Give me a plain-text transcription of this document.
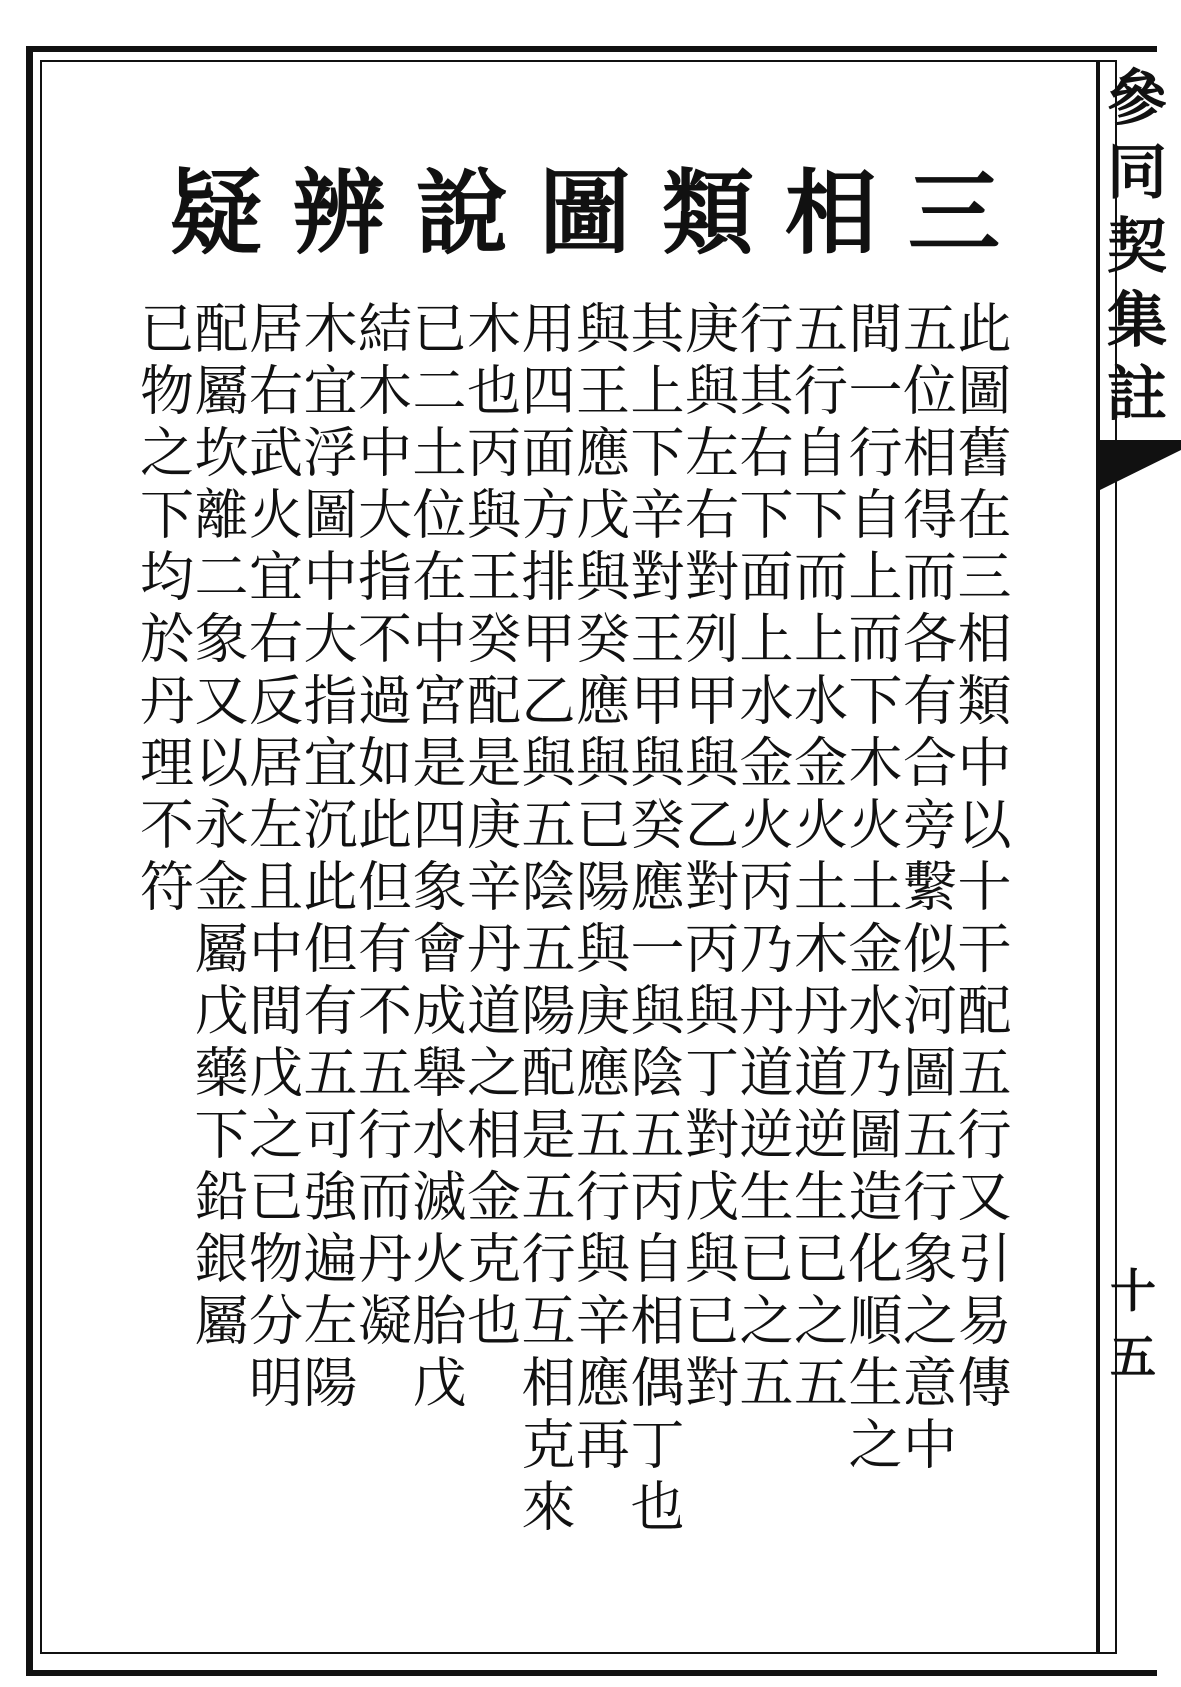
三
相
類
圖
說
辨
疑
此圖舊在三相類中以十干配五行又引易傳
五位相得而各有合旁繫似河圖五行象之意中
間一行自上而下木火土金水乃圖造化順生之
五行自下而上水金火土木丹道逆生已之五
行其右下面上水金火丙乃丹道逆生已之五
庚與左右對列甲與乙對丙與丁對戊與已對
其上下辛對王甲與癸應一與陰五丙自相偶丁也
與王應戊與癸應與已陽與庚應五行與辛應再
用四面方排甲乙與五陰五陽配是五行互相克來
木也丙與王癸配是庚辛丹道之相金克也
已二土位在中宮是四象會成舉水滅火胎戊
結木中大指不過如此但有不五行而丹凝
木宜浮圖中大指宜沉此但有五可強遍左陽
居右武火宜右反居左且中間戊之已物分明
配屬坎離二象又以永金屬戊藥下鉛銀屬
已物之下均於丹理不符
參
同
契
集
註
十五
